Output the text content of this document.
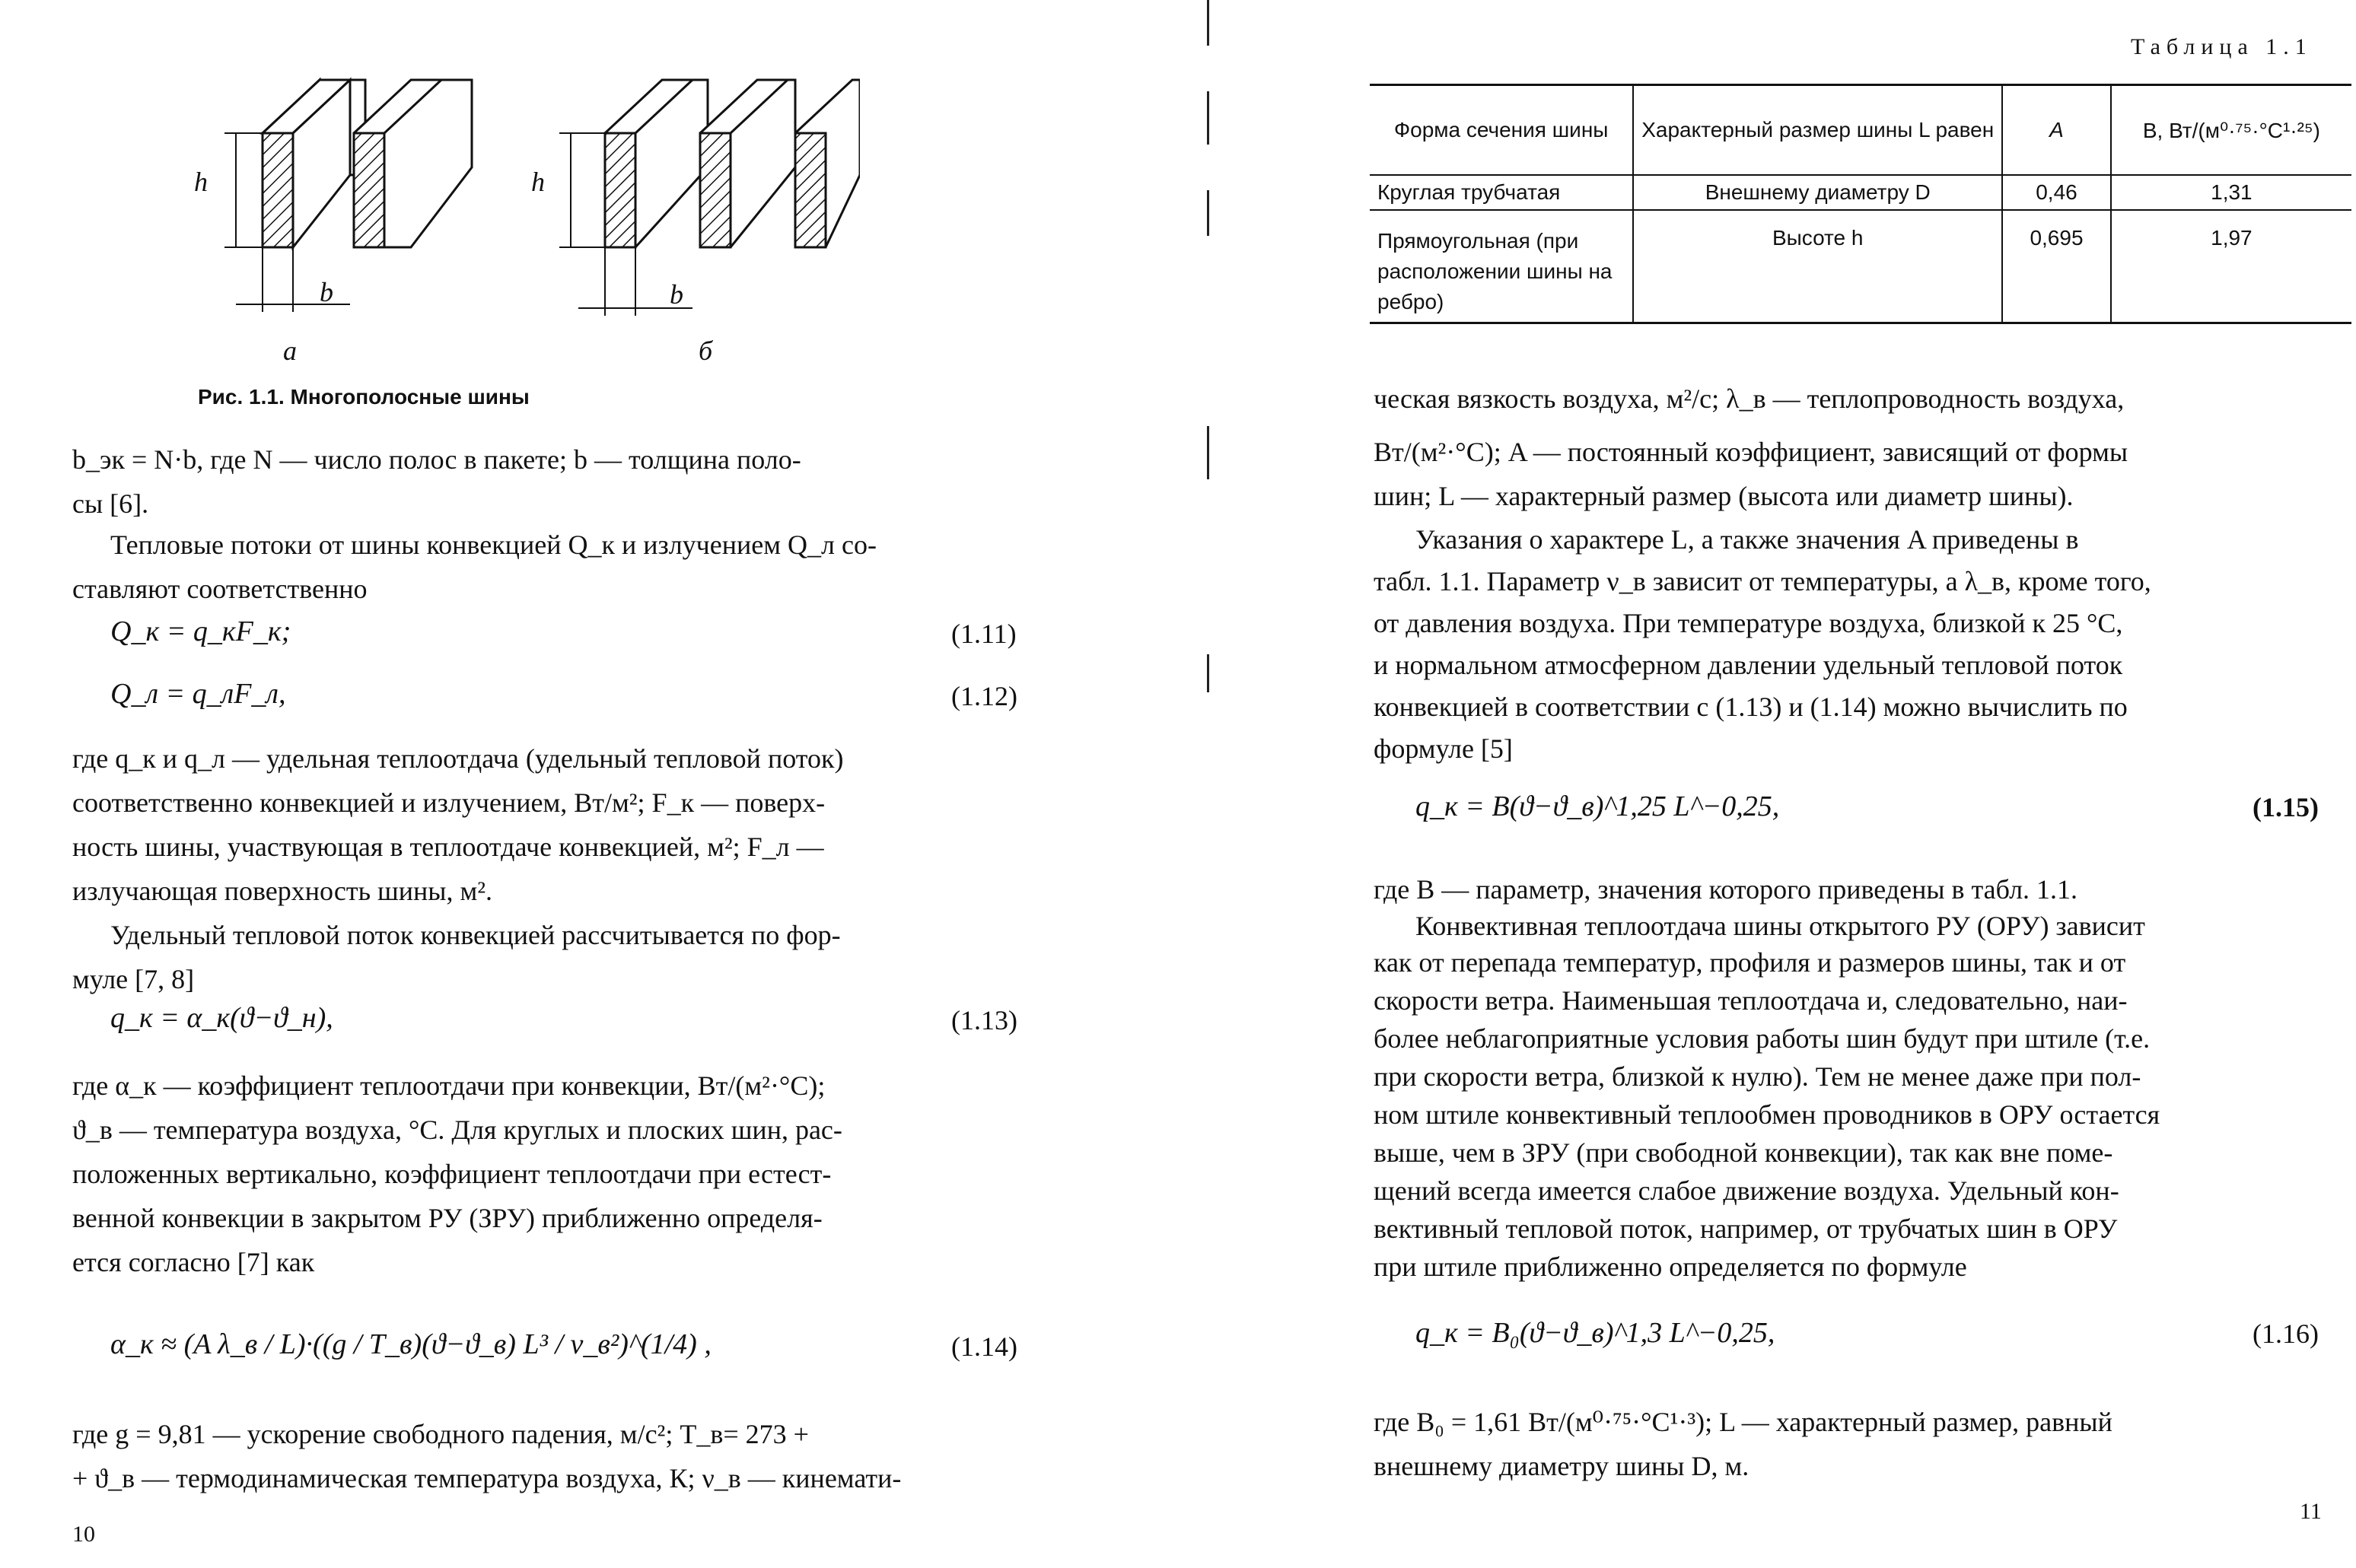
h	h
b	b
а	б
Рис. 1.1. Многополосные шины
b_эк = N·b, где N — число полос в пакете; b — толщина поло-
сы [6].
Тепловые потоки от шины конвекцией Q_к и излучением Q_л со-
ставляют соответственно
Q_к = q_кF_к;	(1.11)
Q_л = q_лF_л,	(1.12)
где q_к и q_л — удельная теплоотдача (удельный тепловой поток)
соответственно конвекцией и излучением, Вт/м²; F_к — поверх-
ность шины, участвующая в теплоотдаче конвекцией, м²; F_л —
излучающая поверхность шины, м².
Удельный тепловой поток конвекцией рассчитывается по фор-
муле [7, 8]
q_к = α_к(ϑ−ϑ_н),	(1.13)
где α_к — коэффициент теплоотдачи при конвекции, Вт/(м²·°С);
ϑ_в — температура воздуха, °С. Для круглых и плоских шин, рас-
положенных вертикально, коэффициент теплоотдачи при естест-
венной конвекции в закрытом РУ (ЗРУ) приближенно определя-
ется согласно [7] как
α_к ≈ (A λ_в / L)·((g / T_в)(ϑ−ϑ_в) L³ / ν_в²)^(1/4) ,	(1.14)
где g = 9,81 — ускорение свободного падения, м/с²; T_в= 273 +
+ ϑ_в — термодинамическая температура воздуха, К; ν_в — кинемати-
10
Таблица 1.1
Форма сечения шины	Характерный размер шины L равен	A	B, Вт/(м⁰·⁷⁵·°С¹·²⁵)
Круглая трубчатая	Внешнему диаметру D	0,46	1,31
Прямоугольная (при расположении шины на ребро)	Высоте h	0,695	1,97
ческая вязкость воздуха, м²/с; λ_в — теплопроводность воздуха,
Вт/(м²·°С); A — постоянный коэффициент, зависящий от формы
шин; L — характерный размер (высота или диаметр шины).
Указания о характере L, а также значения A приведены в
табл. 1.1. Параметр ν_в зависит от температуры, а λ_в, кроме того,
от давления воздуха. При температуре воздуха, близкой к 25 °С,
и нормальном атмосферном давлении удельный тепловой поток
конвекцией в соответствии с (1.13) и (1.14) можно вычислить по
формуле [5]
q_к = B(ϑ−ϑ_в)^1,25 L^−0,25,	(1.15)
где B — параметр, значения которого приведены в табл. 1.1.
Конвективная теплоотдача шины открытого РУ (ОРУ) зависит
как от перепада температур, профиля и размеров шины, так и от
скорости ветра. Наименьшая теплоотдача и, следовательно, наи-
более неблагоприятные условия работы шин будут при штиле (т.е.
при скорости ветра, близкой к нулю). Тем не менее даже при пол-
ном штиле конвективный теплообмен проводников в ОРУ остается
выше, чем в ЗРУ (при свободной конвекции), так как вне поме-
щений всегда имеется слабое движение воздуха. Удельный кон-
вективный тепловой поток, например, от трубчатых шин в ОРУ
при штиле приближенно определяется по формуле
q_к = B₀(ϑ−ϑ_в)^1,3 L^−0,25,	(1.16)
где B₀ = 1,61 Вт/(м⁰·⁷⁵·°С¹·³); L — характерный размер, равный
внешнему диаметру шины D, м.
11
